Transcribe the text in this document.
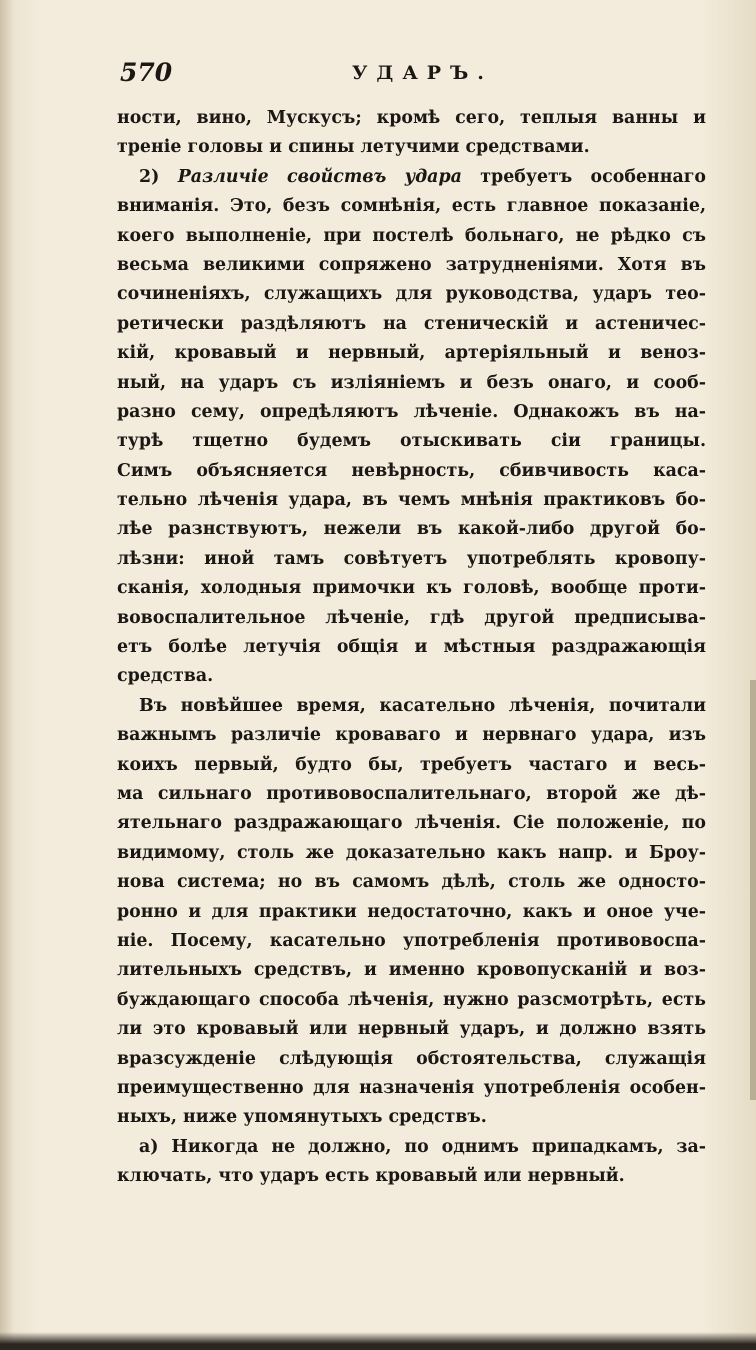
570	УДАРЪ.
ности, вино, Мускусъ; кромѣ сего, теплыя ванны и
треніе головы и спины летучими средствами.
2) Различіе свойствъ удара требуетъ особеннаго
вниманія. Это, безъ сомнѣнія, есть главное показаніе,
коего выполненіе, при постелѣ больнаго, не рѣдко съ
весьма великими сопряжено затрудненіями. Хотя въ
сочиненіяхъ, служащихъ для руководства, ударъ тео-
ретически раздѣляютъ на стеническій и астеничес-
кій, кровавый и нервный, артеріяльный и веноз-
ный, на ударъ съ изліяніемъ и безъ онаго, и сооб-
разно сему, опредѣляютъ лѣченіе. Однакожъ въ на-
турѣ тщетно будемъ отыскивать сіи границы.
Симъ объясняется невѣрность, сбивчивость каса-
тельно лѣченія удара, въ чемъ мнѣнія практиковъ бо-
лѣе разнствуютъ, нежели въ какой-либо другой бо-
лѣзни: иной тамъ совѣтуетъ употреблять кровопу-
сканія, холодныя примочки къ головѣ, вообще проти-
вовоспалительное лѣченіе, гдѣ другой предписыва-
етъ болѣе летучія общія и мѣстныя раздражающія
средства.
Въ новѣйшее время, касательно лѣченія, почитали
важнымъ различіе кроваваго и нервнаго удара, изъ
коихъ первый, будто бы, требуетъ частаго и весь-
ма сильнаго противовоспалительнаго, второй же дѣ-
ятельнаго раздражающаго лѣченія. Сіе положеніе, по
видимому, столь же доказательно какъ напр. и Броу-
нова система; но въ самомъ дѣлѣ, столь же односто-
ронно и для практики недостаточно, какъ и оное уче-
ніе. Посему, касательно употребленія противовоспа-
лительныхъ средствъ, и именно кровопусканій и воз-
буждающаго способа лѣченія, нужно разсмотрѣть, есть
ли это кровавый или нервный ударъ, и должно взять
вразсужденіе слѣдующія обстоятельства, служащія
преимущественно для назначенія употребленія особен-
ныхъ, ниже упомянутыхъ средствъ.
а) Никогда не должно, по однимъ припадкамъ, за-
ключать, что ударъ есть кровавый или нервный.
